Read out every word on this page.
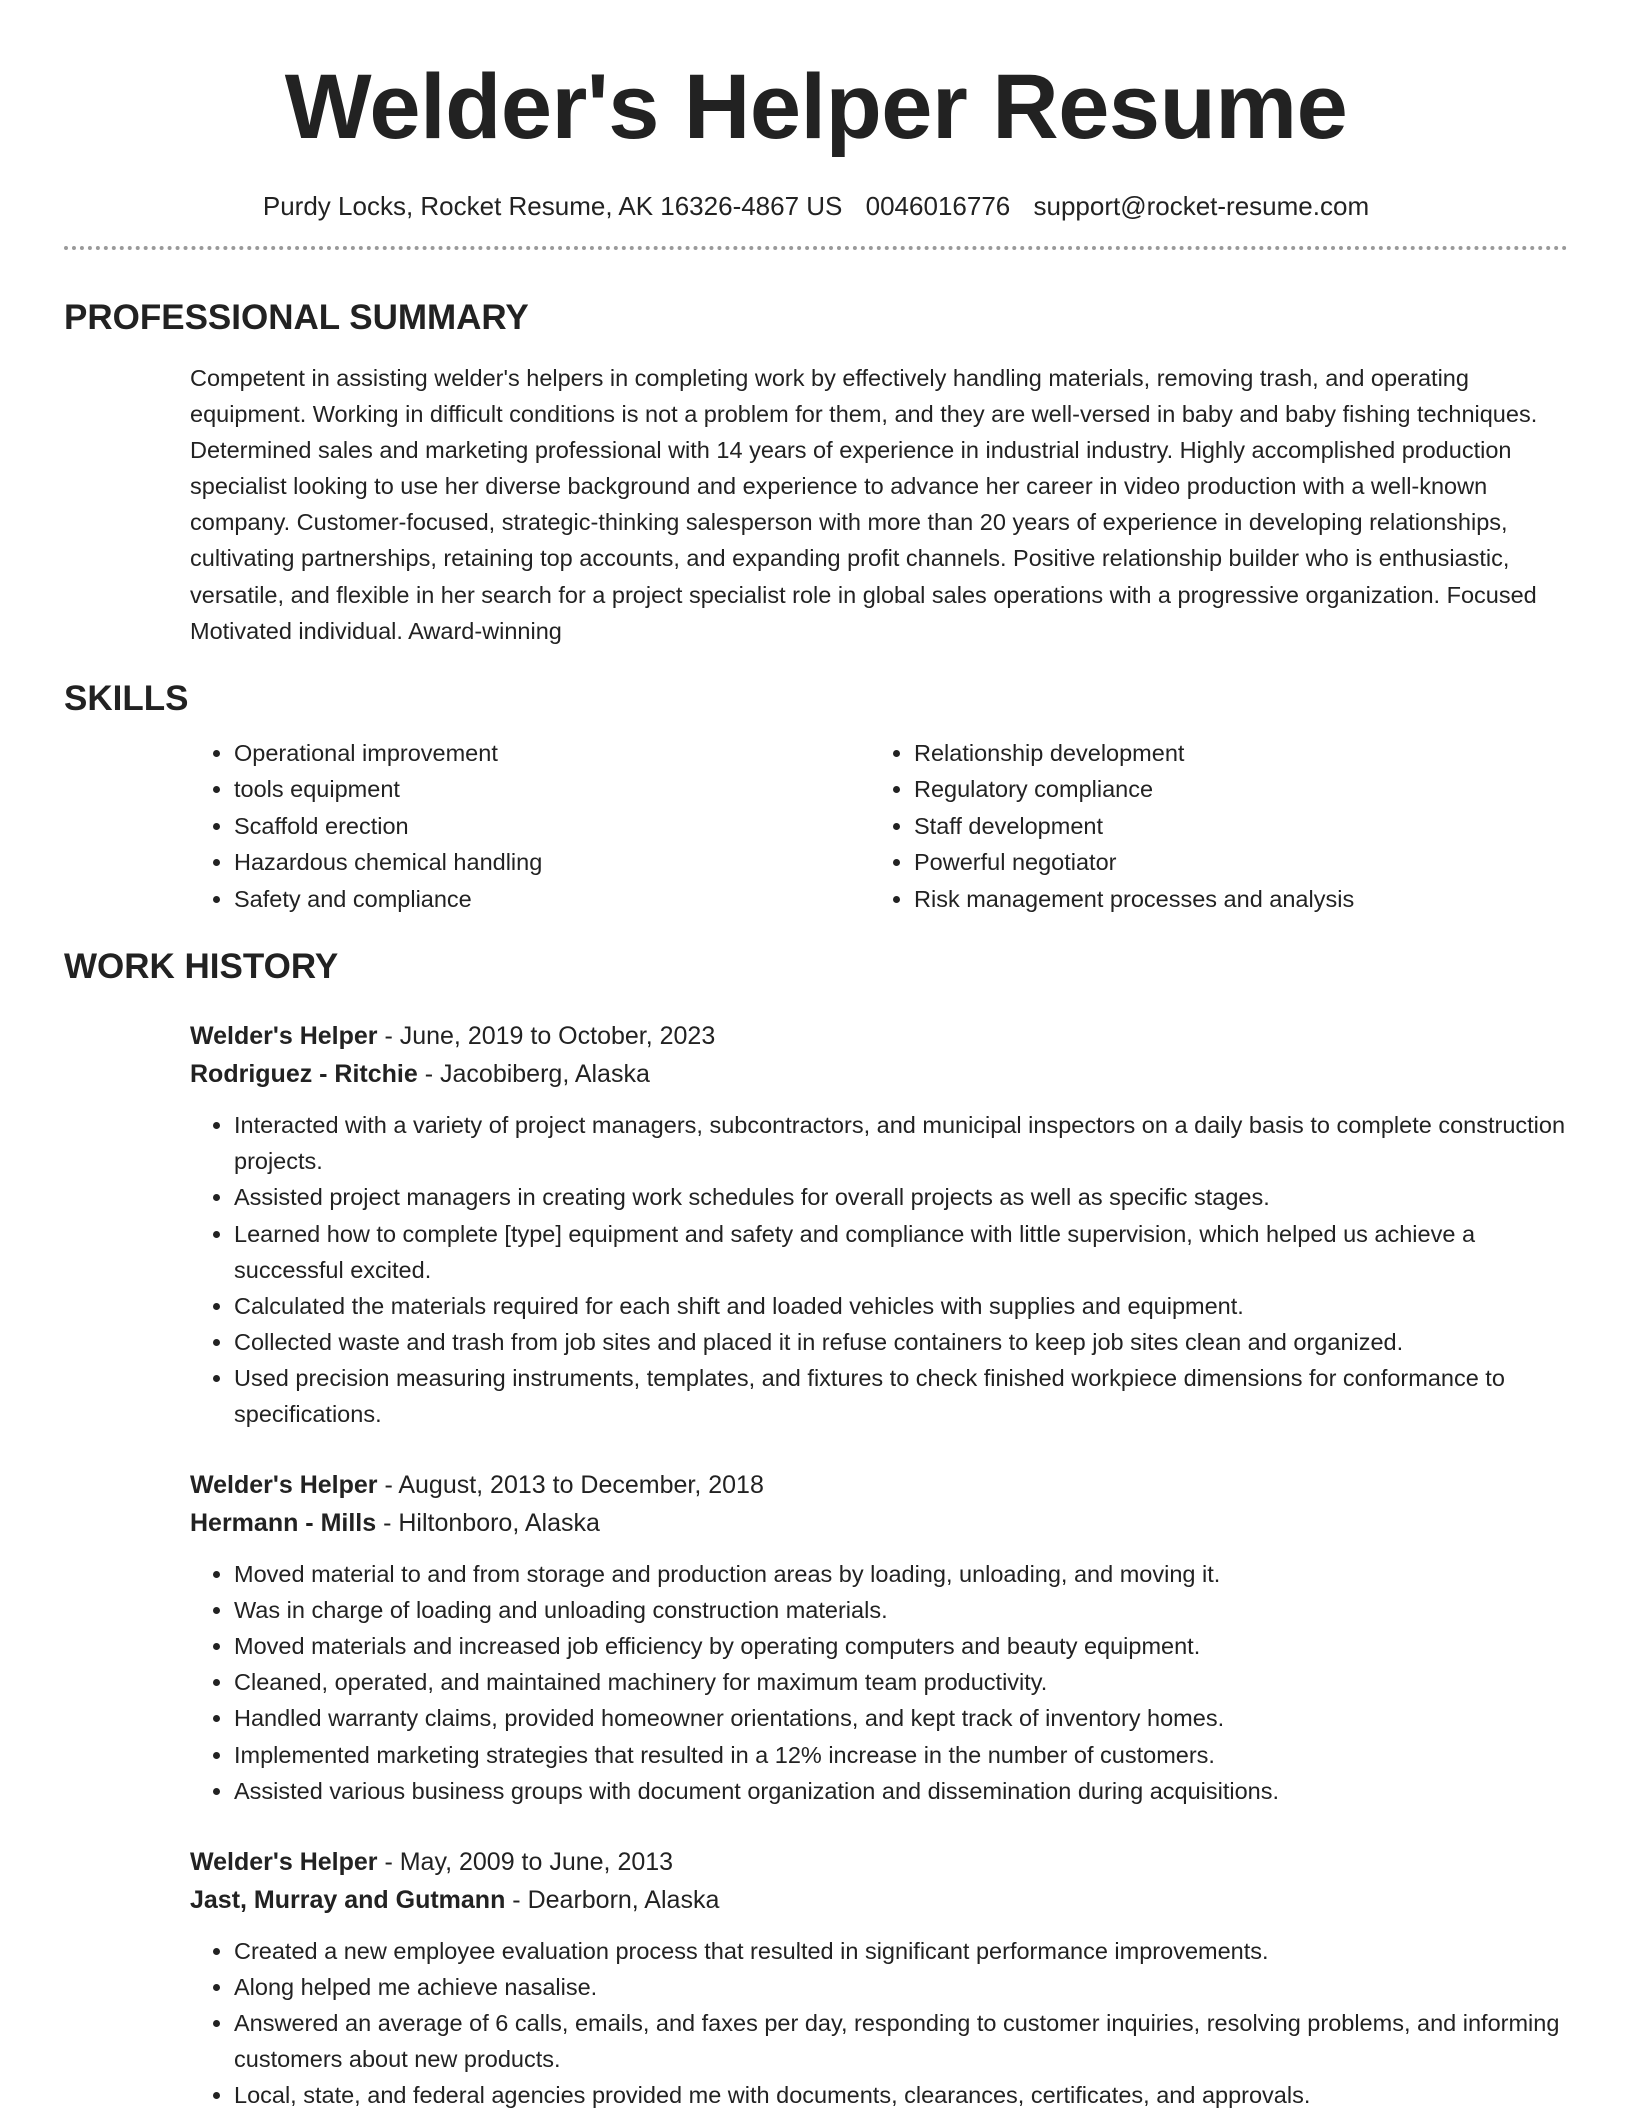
Welder's Helper Resume
Purdy Locks, Rocket Resume, AK 16326-4867 US 0046016776 support@rocket-resume.com
PROFESSIONAL SUMMARY
Competent in assisting welder's helpers in completing work by effectively handling materials, removing trash, and operating equipment. Working in difficult conditions is not a problem for them, and they are well-versed in baby and baby fishing techniques. Determined sales and marketing professional with 14 years of experience in industrial industry. Highly accomplished production specialist looking to use her diverse background and experience to advance her career in video production with a well-known company. Customer-focused, strategic-thinking salesperson with more than 20 years of experience in developing relationships, cultivating partnerships, retaining top accounts, and expanding profit channels. Positive relationship builder who is enthusiastic, versatile, and flexible in her search for a project specialist role in global sales operations with a progressive organization. Focused Motivated individual. Award-winning
SKILLS
• Operational improvement
• tools equipment
• Scaffold erection
• Hazardous chemical handling
• Safety and compliance
• Relationship development
• Regulatory compliance
• Staff development
• Powerful negotiator
• Risk management processes and analysis
WORK HISTORY
Welder's Helper - June, 2019 to October, 2023
Rodriguez - Ritchie - Jacobiberg, Alaska
• Interacted with a variety of project managers, subcontractors, and municipal inspectors on a daily basis to complete construction projects.
• Assisted project managers in creating work schedules for overall projects as well as specific stages.
• Learned how to complete [type] equipment and safety and compliance with little supervision, which helped us achieve a successful excited.
• Calculated the materials required for each shift and loaded vehicles with supplies and equipment.
• Collected waste and trash from job sites and placed it in refuse containers to keep job sites clean and organized.
• Used precision measuring instruments, templates, and fixtures to check finished workpiece dimensions for conformance to specifications.
Welder's Helper - August, 2013 to December, 2018
Hermann - Mills - Hiltonboro, Alaska
• Moved material to and from storage and production areas by loading, unloading, and moving it.
• Was in charge of loading and unloading construction materials.
• Moved materials and increased job efficiency by operating computers and beauty equipment.
• Cleaned, operated, and maintained machinery for maximum team productivity.
• Handled warranty claims, provided homeowner orientations, and kept track of inventory homes.
• Implemented marketing strategies that resulted in a 12% increase in the number of customers.
• Assisted various business groups with document organization and dissemination during acquisitions.
Welder's Helper - May, 2009 to June, 2013
Jast, Murray and Gutmann - Dearborn, Alaska
• Created a new employee evaluation process that resulted in significant performance improvements.
• Along helped me achieve nasalise.
• Answered an average of 6 calls, emails, and faxes per day, responding to customer inquiries, resolving problems, and informing customers about new products.
• Local, state, and federal agencies provided me with documents, clearances, certificates, and approvals.
